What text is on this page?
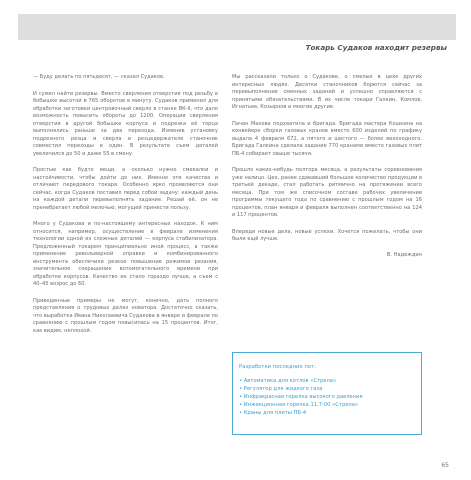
Токарь Судаков находит резервы

— Буду делать по пятьдесят, — сказал Судаков.

И сумел найти резервы. Вместо сверления отверстия под резьбу в бобышке высотой в 765 оборотов в минуту. Судаков применил для обработки заготовки центровочный сверло в станке ВК-II, что дало возможность повысить обороты до 1200. Операция сверления отверстия в другой бобышке корпуса и подрезка её торца выполнялись раньше за два перехода. Изменив установку подрезного резца и сверла в резцедержателе станочник совместил переходы в один. В результате съем деталей увеличился до 50 и даже 55 в смену.

Простые как будто вещи, а сколько нужно смекалки и настойчивости, чтобы дойти до них. Именно эти качества и отличают передового токаря. Особенно ярко проявляются они сейчас, когда Судаков поставил перед собой задачу: каждый день на каждой детали перевыполнять задание. Решай её, он не пренебрегает любой мелочью, могущей принести пользу.

Много у Судакова и по-настоящему интересных находок. К ним относится, например, осуществление в феврале изменения технологии одной из сложных деталей — корпуса стабилизатора. Предложенный токарем принципиально иной процесс, а также применение револьверной оправки и комбинированного инструмента обеспечили резкое повышение режимов резания, значительное сокращение вспомогательного времени при обработке корпусов. Качество их стало гораздо лучше, а съем с 40–45 возрос до 60.

Приведенные примеры не могут, конечно, дать полного представления о трудовых делах новатора. Достаточно сказать, что выработка Ивана Николаевича Судакова в январе и феврале по сравнению с прошлым годом повысилась на 15 процентов. Итог, как видим, неплохой.

Мы рассказали только о Судакове, о смелых в цехе других интересных людях. Десятки станочников борются сейчас за перевыполнение сменных заданий и успешно справляются с принятыми обязательствами. В их числе токари Галкин, Комлов, Игнатьев, Козырнов и многие другие.

Пачан Махова подхватила и бригада. Бригада мастера Кошкина на конвейере сборки газовых кранов вместо 600 изделий по графику выдала 4 февраля 672, а пятого и шестого — более вехоходного. Бригада Галкина сделала задание 770 кранами вместо газовых плит ПБ-4 собирает свыше тысячи.

Прошло каких-нибудь полтора месяца, а результаты соревнования уже налицо. Цех, ранее сдававший большое количество продукции в третьей декаде, стал работать ритмично на протяжении всего месяца. При том же списочном составе рабочих увеличение программы текущего года по сравнению с прошлым годом на 16 процентов, план января и февраля выполнен соответственно на 124 и 117 процентов.

Впереди новые дела, новые успехи. Хочется пожелать, чтобы они были ещё лучше.

В. Надеждин

Разработки последних лет:
• Автоматика для котлов «Стрела»
• Регулятор для жидкого газа
• Инфракрасная горелка высокого давления
• Инжекционная горелка 11,7-00 «Стрела»
• Краны для плиты ПБ-4
65
